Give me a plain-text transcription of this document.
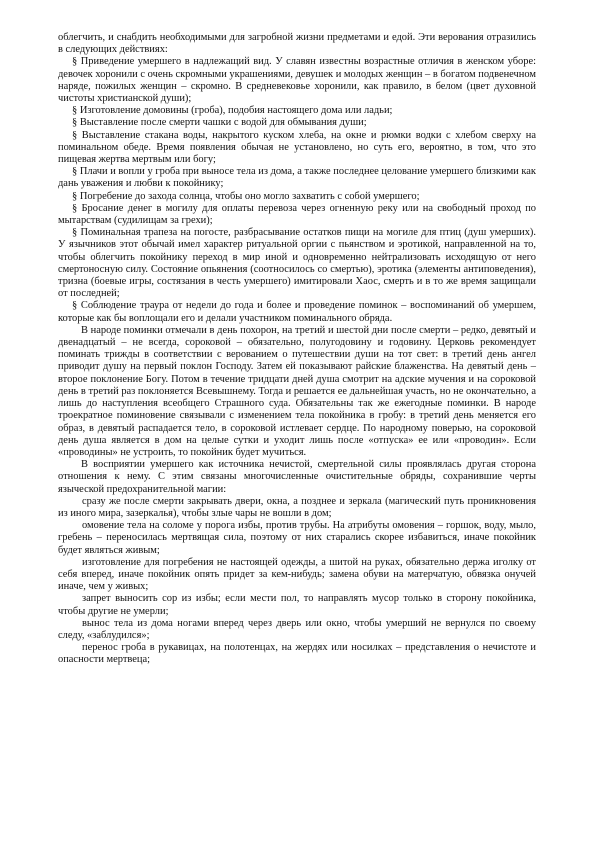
облегчить, и снабдить необходимыми для загробной жизни предметами и едой. Эти верования отразились в следующих действиях:

§ Приведение умершего в надлежащий вид. У славян известны возрастные отличия в женском уборе: девочек хоронили с очень скромными украшениями, девушек и молодых женщин – в богатом подвенечном наряде, пожилых женщин – скромно. В средневековье хоронили, как правило, в белом (цвет духовной чистоты христианской души);

§ Изготовление домовины (гроба), подобия настоящего дома или ладьи;

§ Выставление после смерти чашки с водой для обмывания души;

§ Выставление стакана воды, накрытого куском хлеба, на окне и рюмки водки с хлебом сверху на поминальном обеде. Время появления обычая не установлено, но суть его, вероятно, в том, что это пищевая жертва мертвым или богу;

§ Плачи и вопли у гроба при выносе тела из дома, а также последнее целование умершего близкими как дань уважения и любви к покойнику;

§ Погребение до захода солнца, чтобы оно могло захватить с собой умершего;

§ Бросание денег в могилу для оплаты перевоза через огненную реку или на свободный проход по мытарствам (судилищам за грехи);

§ Поминальная трапеза на погосте, разбрасывание остатков пищи на могиле для птиц (душ умерших). У язычников этот обычай имел характер ритуальной оргии с пьянством и эротикой, направленной на то, чтобы облегчить покойнику переход в мир иной и одновременно нейтрализовать исходящую от него смертоносную силу. Состояние опьянения (соотносилось со смертью), эротика (элементы антиповедения), тризна (боевые игры, состязания в честь умершего) имитировали Хаос, смерть и в то же время защищали от последней;

§ Соблюдение траура от недели до года и более и проведение поминок – воспоминаний об умершем, которые как бы воплощали его и делали участником поминального обряда.

В народе поминки отмечали в день похорон, на третий и шестой дни после смерти – редко, девятый и двенадцатый – не всегда, сороковой – обязательно, полугодовину и годовину. Церковь рекомендует поминать трижды в соответствии с верованием о путешествии души на тот свет: в третий день ангел приводит душу на первый поклон Господу. Затем ей показывают райские блаженства. На девятый день – второе поклонение Богу. Потом в течение тридцати дней душа смотрит на адские мучения и на сороковой день в третий раз поклоняется Всевышнему. Тогда и решается ее дальнейшая участь, но не окончательно, а лишь до наступления всеобщего Страшного суда. Обязательны так же ежегодные поминки. В народе троекратное поминовение связывали с изменением тела покойника в гробу: в третий день меняется его образ, в девятый распадается тело, в сороковой истлевает сердце. По народному поверью, на сороковой день душа является в дом на целые сутки и уходит лишь после «отпуска» ее или «проводин». Если «проводины» не устроить, то покойник будет мучиться.

В восприятии умершего как источника нечистой, смертельной силы проявлялась другая сторона отношения к нему. С этим связаны многочисленные очистительные обряды, сохранившие черты языческой предохранительной магии:

сразу же после смерти закрывать двери, окна, а позднее и зеркала (магический путь проникновения из иного мира, зазеркалья), чтобы злые чары не вошли в дом;

омовение тела на соломе у порога избы, против трубы. На атрибуты омовения – горшок, воду, мыло, гребень – переносилась мертвящая сила, поэтому от них старались скорее избавиться, иначе покойник будет являться живым;

изготовление для погребения не настоящей одежды, а шитой на руках, обязательно держа иголку от себя вперед, иначе покойник опять придет за кем-нибудь; замена обуви на матерчатую, обвязка онучей иначе, чем у живых;

запрет выносить сор из избы; если мести пол, то направлять мусор только в сторону покойника, чтобы другие не умерли;

вынос тела из дома ногами вперед через дверь или окно, чтобы умерший не вернулся по своему следу, «заблудился»;

перенос гроба в рукавицах, на полотенцах, на жердях или носилках – представления о нечистоте и опасности мертвеца;
